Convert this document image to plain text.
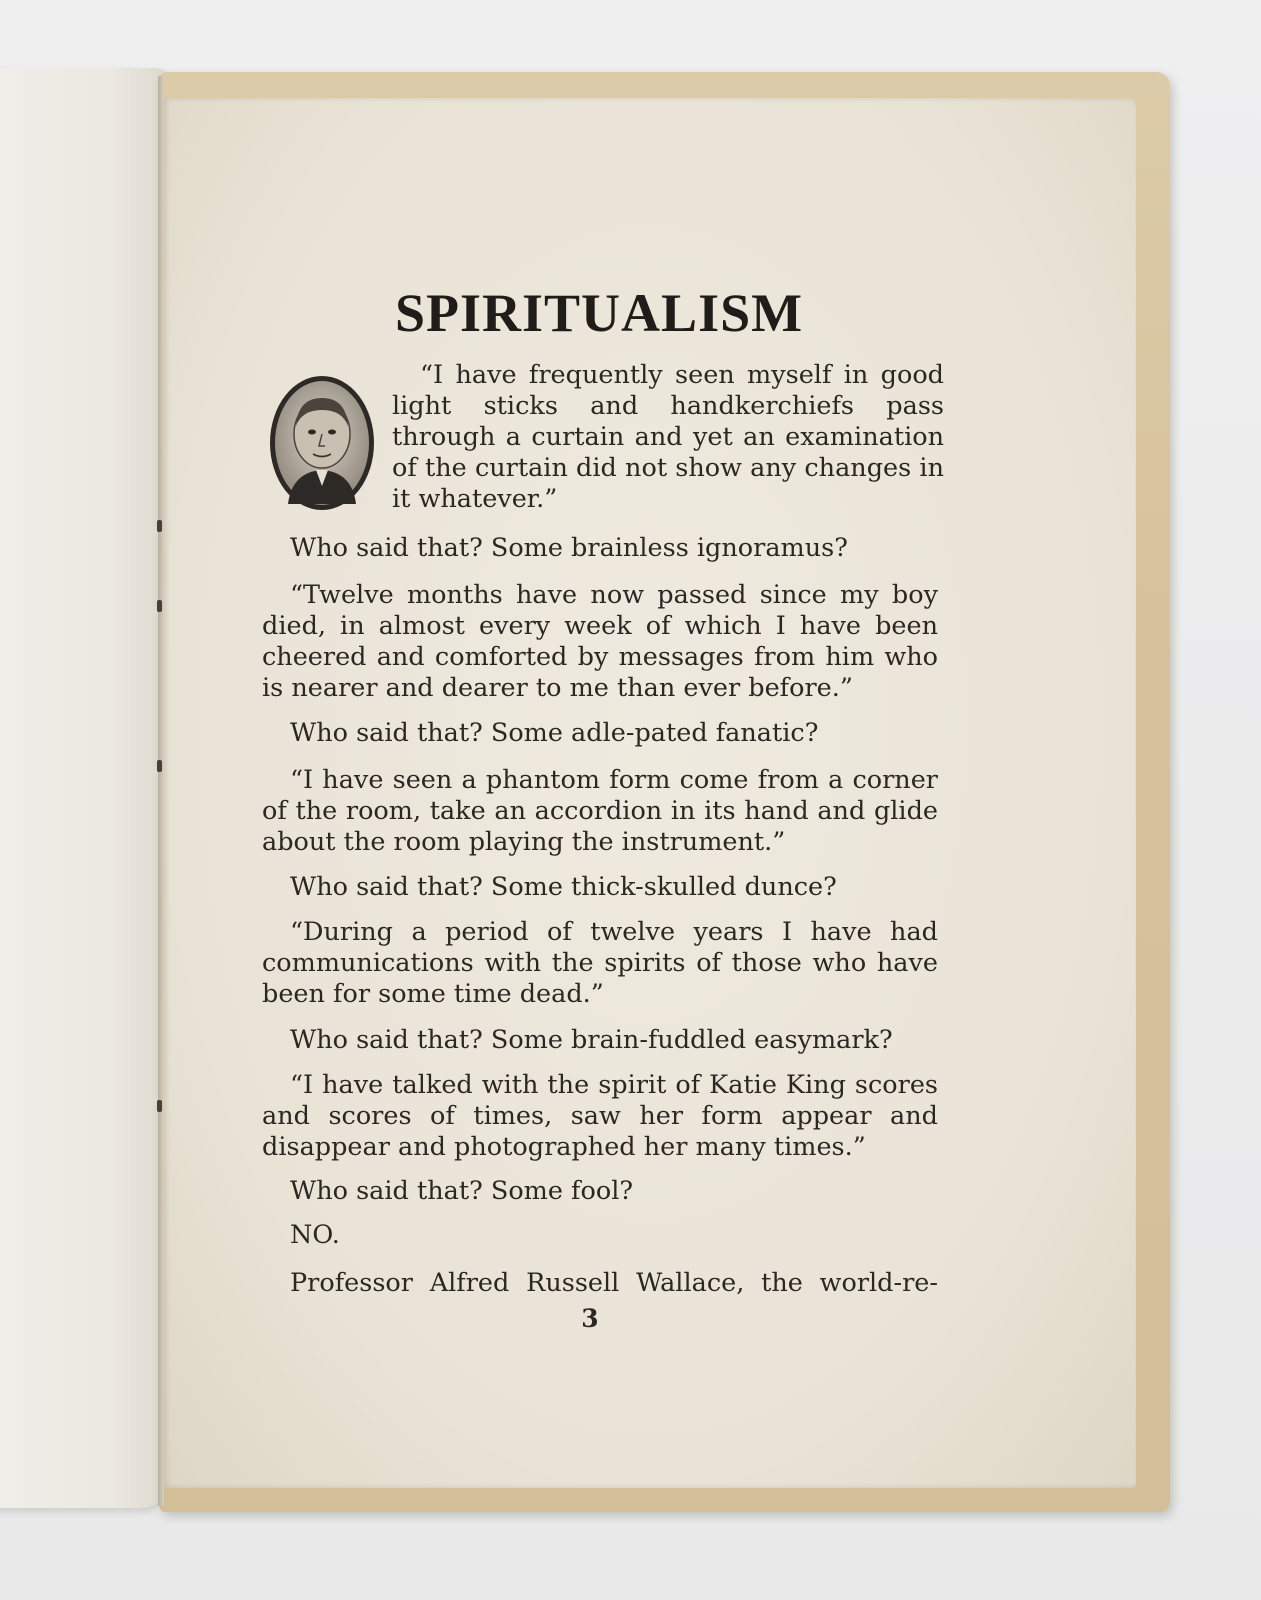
SPIRITUALISM
“I have frequently seen myself in good light sticks and handkerchiefs pass through a curtain and yet an examination of the curtain did not show any changes in it whatever.”
Who said that? Some brainless ignoramus?
“Twelve months have now passed since my boy died, in almost every week of which I have been cheered and comforted by messages from him who is nearer and dearer to me than ever before.”
Who said that? Some adle-pated fanatic?
“I have seen a phantom form come from a corner of the room, take an accordion in its hand and glide about the room playing the instrument.”
Who said that? Some thick-skulled dunce?
“During a period of twelve years I have had communications with the spirits of those who have been for some time dead.”
Who said that? Some brain-fuddled easymark?
“I have talked with the spirit of Katie King scores and scores of times, saw her form appear and disappear and photographed her many times.”
Who said that? Some fool?
NO.
Professor Alfred Russell Wallace, the world-re-
3
